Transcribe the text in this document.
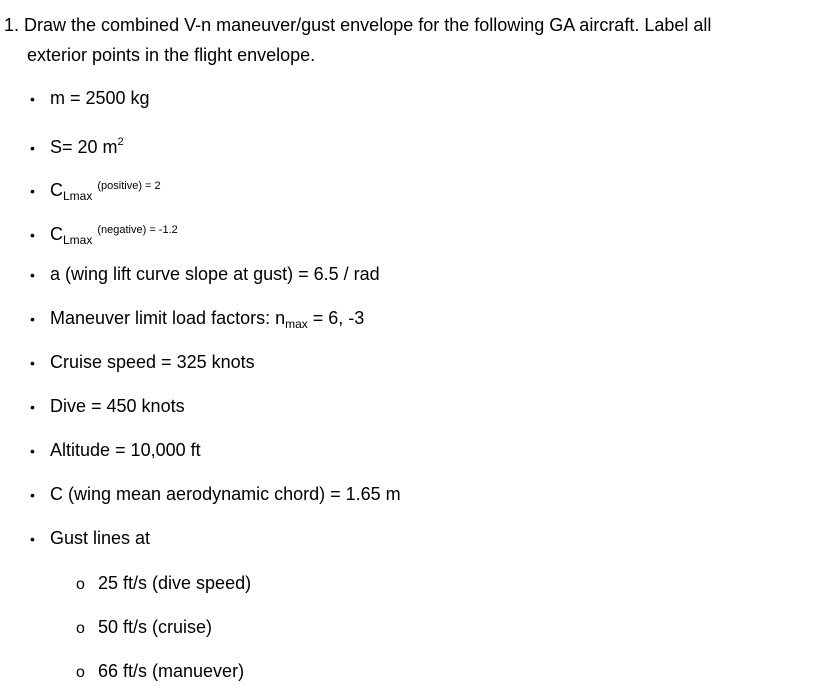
1. Draw the combined V-n maneuver/gust envelope for the following GA aircraft. Label all
exterior points in the flight envelope.
• m = 2500 kg
• S= 20 $m^2$
• $C_{Lmax}$ $^{(positive) = 2}$
• $C_{Lmax}$ $^{(negative) = -1.2}$
• a (wing lift curve slope at gust) = 6.5 / rad
• Maneuver limit load factors: $n_{max} = 6$, -3
• Cruise speed = 325 knots
• Dive = 450 knots
• Altitude = 10,000 ft
• C (wing mean aerodynamic chord) = 1.65 m
• Gust lines at
o 25 ft/s (dive speed)
o 50 ft/s (cruise)
o 66 ft/s (manuever)
